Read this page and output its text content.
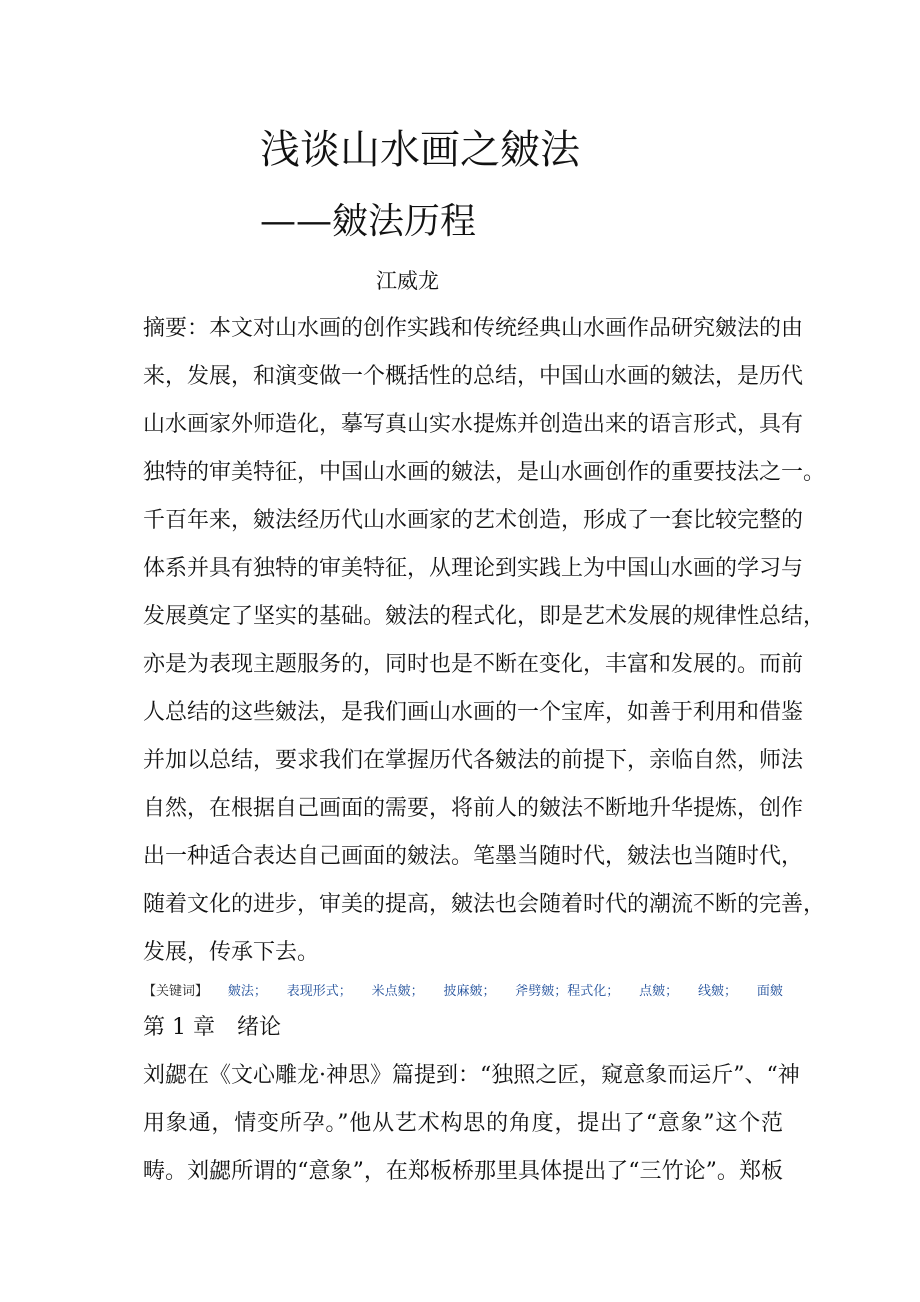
浅谈山水画之皴法
——皴法历程
江威龙
摘要：本文对山水画的创作实践和传统经典山水画作品研究皴法的由
来，发展，和演变做一个概括性的总结，中国山水画的皴法，是历代
山水画家外师造化，摹写真山实水提炼并创造出来的语言形式，具有
独特的审美特征，中国山水画的皴法，是山水画创作的重要技法之一。
千百年来，皴法经历代山水画家的艺术创造，形成了一套比较完整的
体系并具有独特的审美特征，从理论到实践上为中国山水画的学习与
发展奠定了坚实的基础。皴法的程式化，即是艺术发展的规律性总结，
亦是为表现主题服务的，同时也是不断在变化，丰富和发展的。而前
人总结的这些皴法，是我们画山水画的一个宝库，如善于利用和借鉴
并加以总结，要求我们在掌握历代各皴法的前提下，亲临自然，师法
自然，在根据自己画面的需要，将前人的皴法不断地升华提炼，创作
出一种适合表达自己画面的皴法。笔墨当随时代，皴法也当随时代，
随着文化的进步，审美的提高，皴法也会随着时代的潮流不断的完善，
发展，传承下去。
【关键词】 皴法； 表现形式； 米点皴； 披麻皴； 斧劈皴；程式化； 点皴； 线皴； 面皴
第 1 章 绪论
刘勰在《文心雕龙·神思》篇提到：“独照之匠，窥意象而运斤”、“神
用象通，情变所孕。”他从艺术构思的角度，提出了“意象”这个范
畴。刘勰所谓的“意象”，在郑板桥那里具体提出了“三竹论”。郑板
